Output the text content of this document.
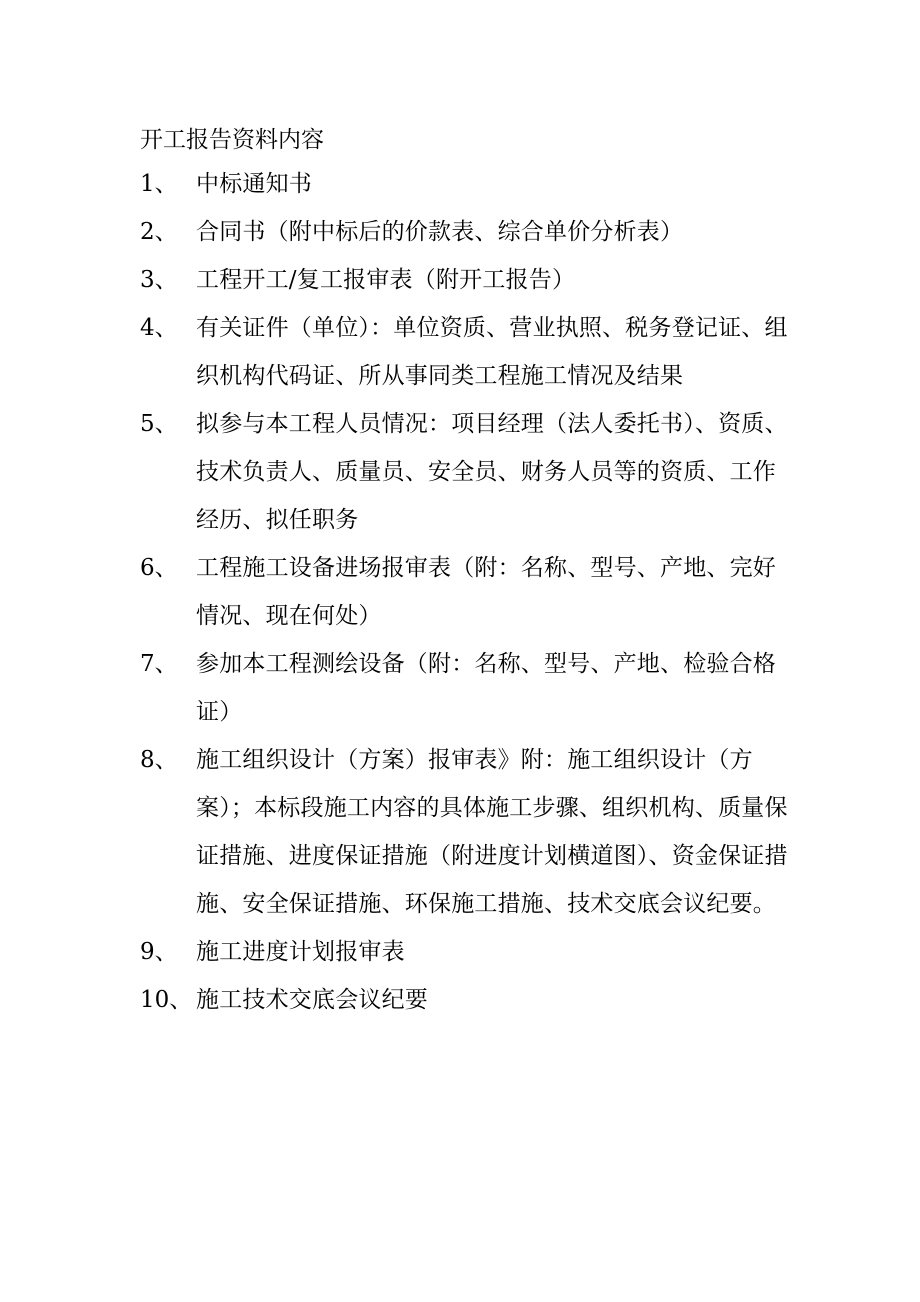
开工报告资料内容
1、 中标通知书
2、 合同书（附中标后的价款表、综合单价分析表）
3、 工程开工/复工报审表（附开工报告）
4、 有关证件（单位）：单位资质、营业执照、税务登记证、组织机构代码证、所从事同类工程施工情况及结果
5、 拟参与本工程人员情况：项目经理（法人委托书）、资质、技术负责人、质量员、安全员、财务人员等的资质、工作经历、拟任职务
6、 工程施工设备进场报审表（附：名称、型号、产地、完好情况、现在何处）
7、 参加本工程测绘设备（附：名称、型号、产地、检验合格证）
8、 施工组织设计（方案）报审表》附：施工组织设计（方案）；本标段施工内容的具体施工步骤、组织机构、质量保证措施、进度保证措施（附进度计划横道图）、资金保证措施、安全保证措施、环保施工措施、技术交底会议纪要。
9、 施工进度计划报审表
10、 施工技术交底会议纪要
